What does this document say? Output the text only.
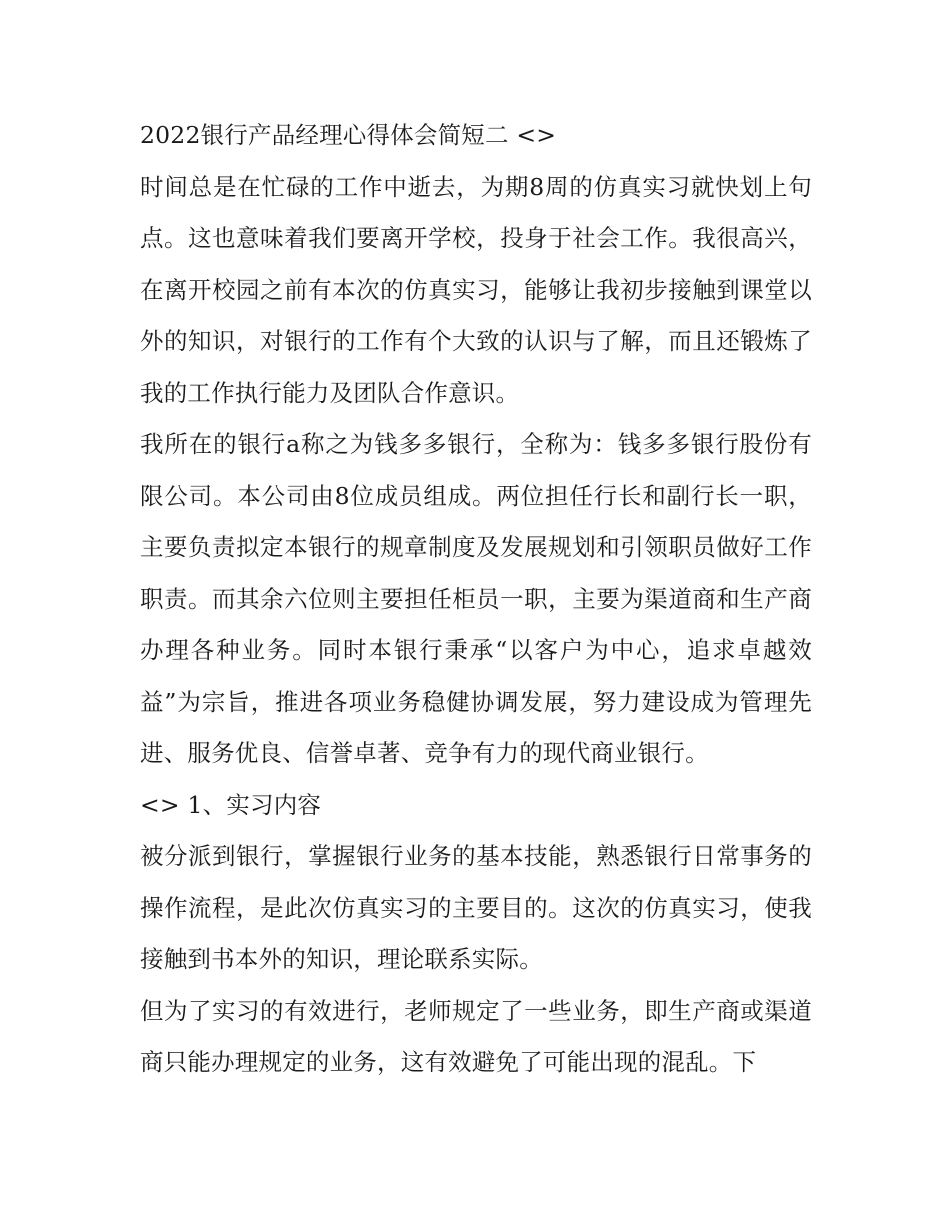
2022银行产品经理心得体会简短二 <>

时间总是在忙碌的工作中逝去，为期8周的仿真实习就快划上句点。这也意味着我们要离开学校，投身于社会工作。我很高兴，在离开校园之前有本次的仿真实习，能够让我初步接触到课堂以外的知识，对银行的工作有个大致的认识与了解，而且还锻炼了我的工作执行能力及团队合作意识。

我所在的银行a称之为钱多多银行，全称为：钱多多银行股份有限公司。本公司由8位成员组成。两位担任行长和副行长一职，主要负责拟定本银行的规章制度及发展规划和引领职员做好工作职责。而其余六位则主要担任柜员一职，主要为渠道商和生产商办理各种业务。同时本银行秉承“以客户为中心，追求卓越效益”为宗旨，推进各项业务稳健协调发展，努力建设成为管理先进、服务优良、信誉卓著、竞争有力的现代商业银行。

<> 1、实习内容

被分派到银行，掌握银行业务的基本技能，熟悉银行日常事务的操作流程，是此次仿真实习的主要目的。这次的仿真实习，使我接触到书本外的知识，理论联系实际。

但为了实习的有效进行，老师规定了一些业务，即生产商或渠道商只能办理规定的业务，这有效避免了可能出现的混乱。下
